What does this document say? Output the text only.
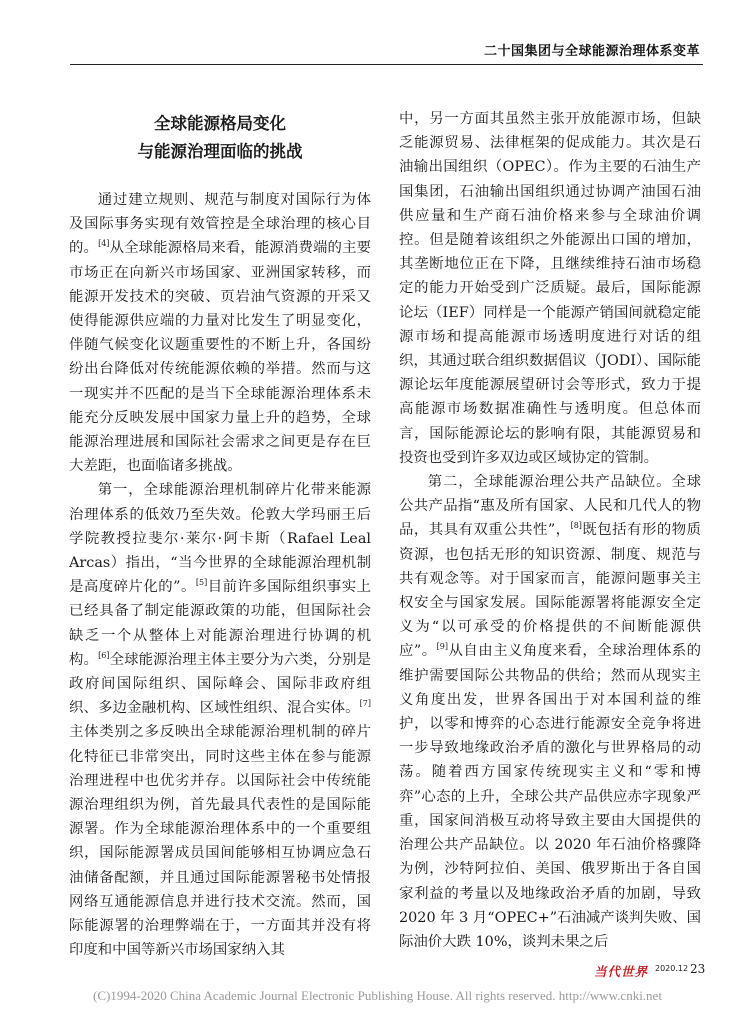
二十国集团与全球能源治理体系变革
全球能源格局变化
与能源治理面临的挑战

通过建立规则、规范与制度对国际行为体及国际事务实现有效管控是全球治理的核心目的。[4]从全球能源格局来看，能源消费端的主要市场正在向新兴市场国家、亚洲国家转移，而能源开发技术的突破、页岩油气资源的开采又使得能源供应端的力量对比发生了明显变化，伴随气候变化议题重要性的不断上升，各国纷纷出台降低对传统能源依赖的举措。然而与这一现实并不匹配的是当下全球能源治理体系未能充分反映发展中国家力量上升的趋势，全球能源治理进展和国际社会需求之间更是存在巨大差距，也面临诸多挑战。

第一，全球能源治理机制碎片化带来能源治理体系的低效乃至失效。伦敦大学玛丽王后学院教授拉斐尔·莱尔·阿卡斯（Rafael Leal Arcas）指出，“当今世界的全球能源治理机制是高度碎片化的”。[5]目前许多国际组织事实上已经具备了制定能源政策的功能，但国际社会缺乏一个从整体上对能源治理进行协调的机构。[6]全球能源治理主体主要分为六类，分别是政府间国际组织、国际峰会、国际非政府组织、多边金融机构、区域性组织、混合实体。[7]主体类别之多反映出全球能源治理机制的碎片化特征已非常突出，同时这些主体在参与能源治理进程中也优劣并存。以国际社会中传统能源治理组织为例，首先最具代表性的是国际能源署。作为全球能源治理体系中的一个重要组织，国际能源署成员国间能够相互协调应急石油储备配额，并且通过国际能源署秘书处情报网络互通能源信息并进行技术交流。然而，国际能源署的治理弊端在于，一方面其并没有将印度和中国等新兴市场国家纳入其

中，另一方面其虽然主张开放能源市场，但缺乏能源贸易、法律框架的促成能力。其次是石油输出国组织（OPEC）。作为主要的石油生产国集团，石油输出国组织通过协调产油国石油供应量和生产商石油价格来参与全球油价调控。但是随着该组织之外能源出口国的增加，其垄断地位正在下降，且继续维持石油市场稳定的能力开始受到广泛质疑。最后，国际能源论坛（IEF）同样是一个能源产销国间就稳定能源市场和提高能源市场透明度进行对话的组织，其通过联合组织数据倡议（JODI）、国际能源论坛年度能源展望研讨会等形式，致力于提高能源市场数据准确性与透明度。但总体而言，国际能源论坛的影响有限，其能源贸易和投资也受到许多双边或区域协定的管制。

第二，全球能源治理公共产品缺位。全球公共产品指“惠及所有国家、人民和几代人的物品，其具有双重公共性”，[8]既包括有形的物质资源，也包括无形的知识资源、制度、规范与共有观念等。对于国家而言，能源问题事关主权安全与国家发展。国际能源署将能源安全定义为“以可承受的价格提供的不间断能源供应”。[9]从自由主义角度来看，全球治理体系的维护需要国际公共物品的供给；然而从现实主义角度出发，世界各国出于对本国利益的维护，以零和博弈的心态进行能源安全竞争将进一步导致地缘政治矛盾的激化与世界格局的动荡。随着西方国家传统现实主义和“零和博弈”心态的上升，全球公共产品供应赤字现象严重，国家间消极互动将导致主要由大国提供的治理公共产品缺位。以 2020 年石油价格骤降为例，沙特阿拉伯、美国、俄罗斯出于各自国家利益的考量以及地缘政治矛盾的加剧，导致 2020 年 3 月“OPEC+”石油减产谈判失败、国际油价大跌 10%，谈判未果之后

当代世界 2020.12 23
(C)1994-2020 China Academic Journal Electronic Publishing House. All rights reserved. http://www.cnki.net
